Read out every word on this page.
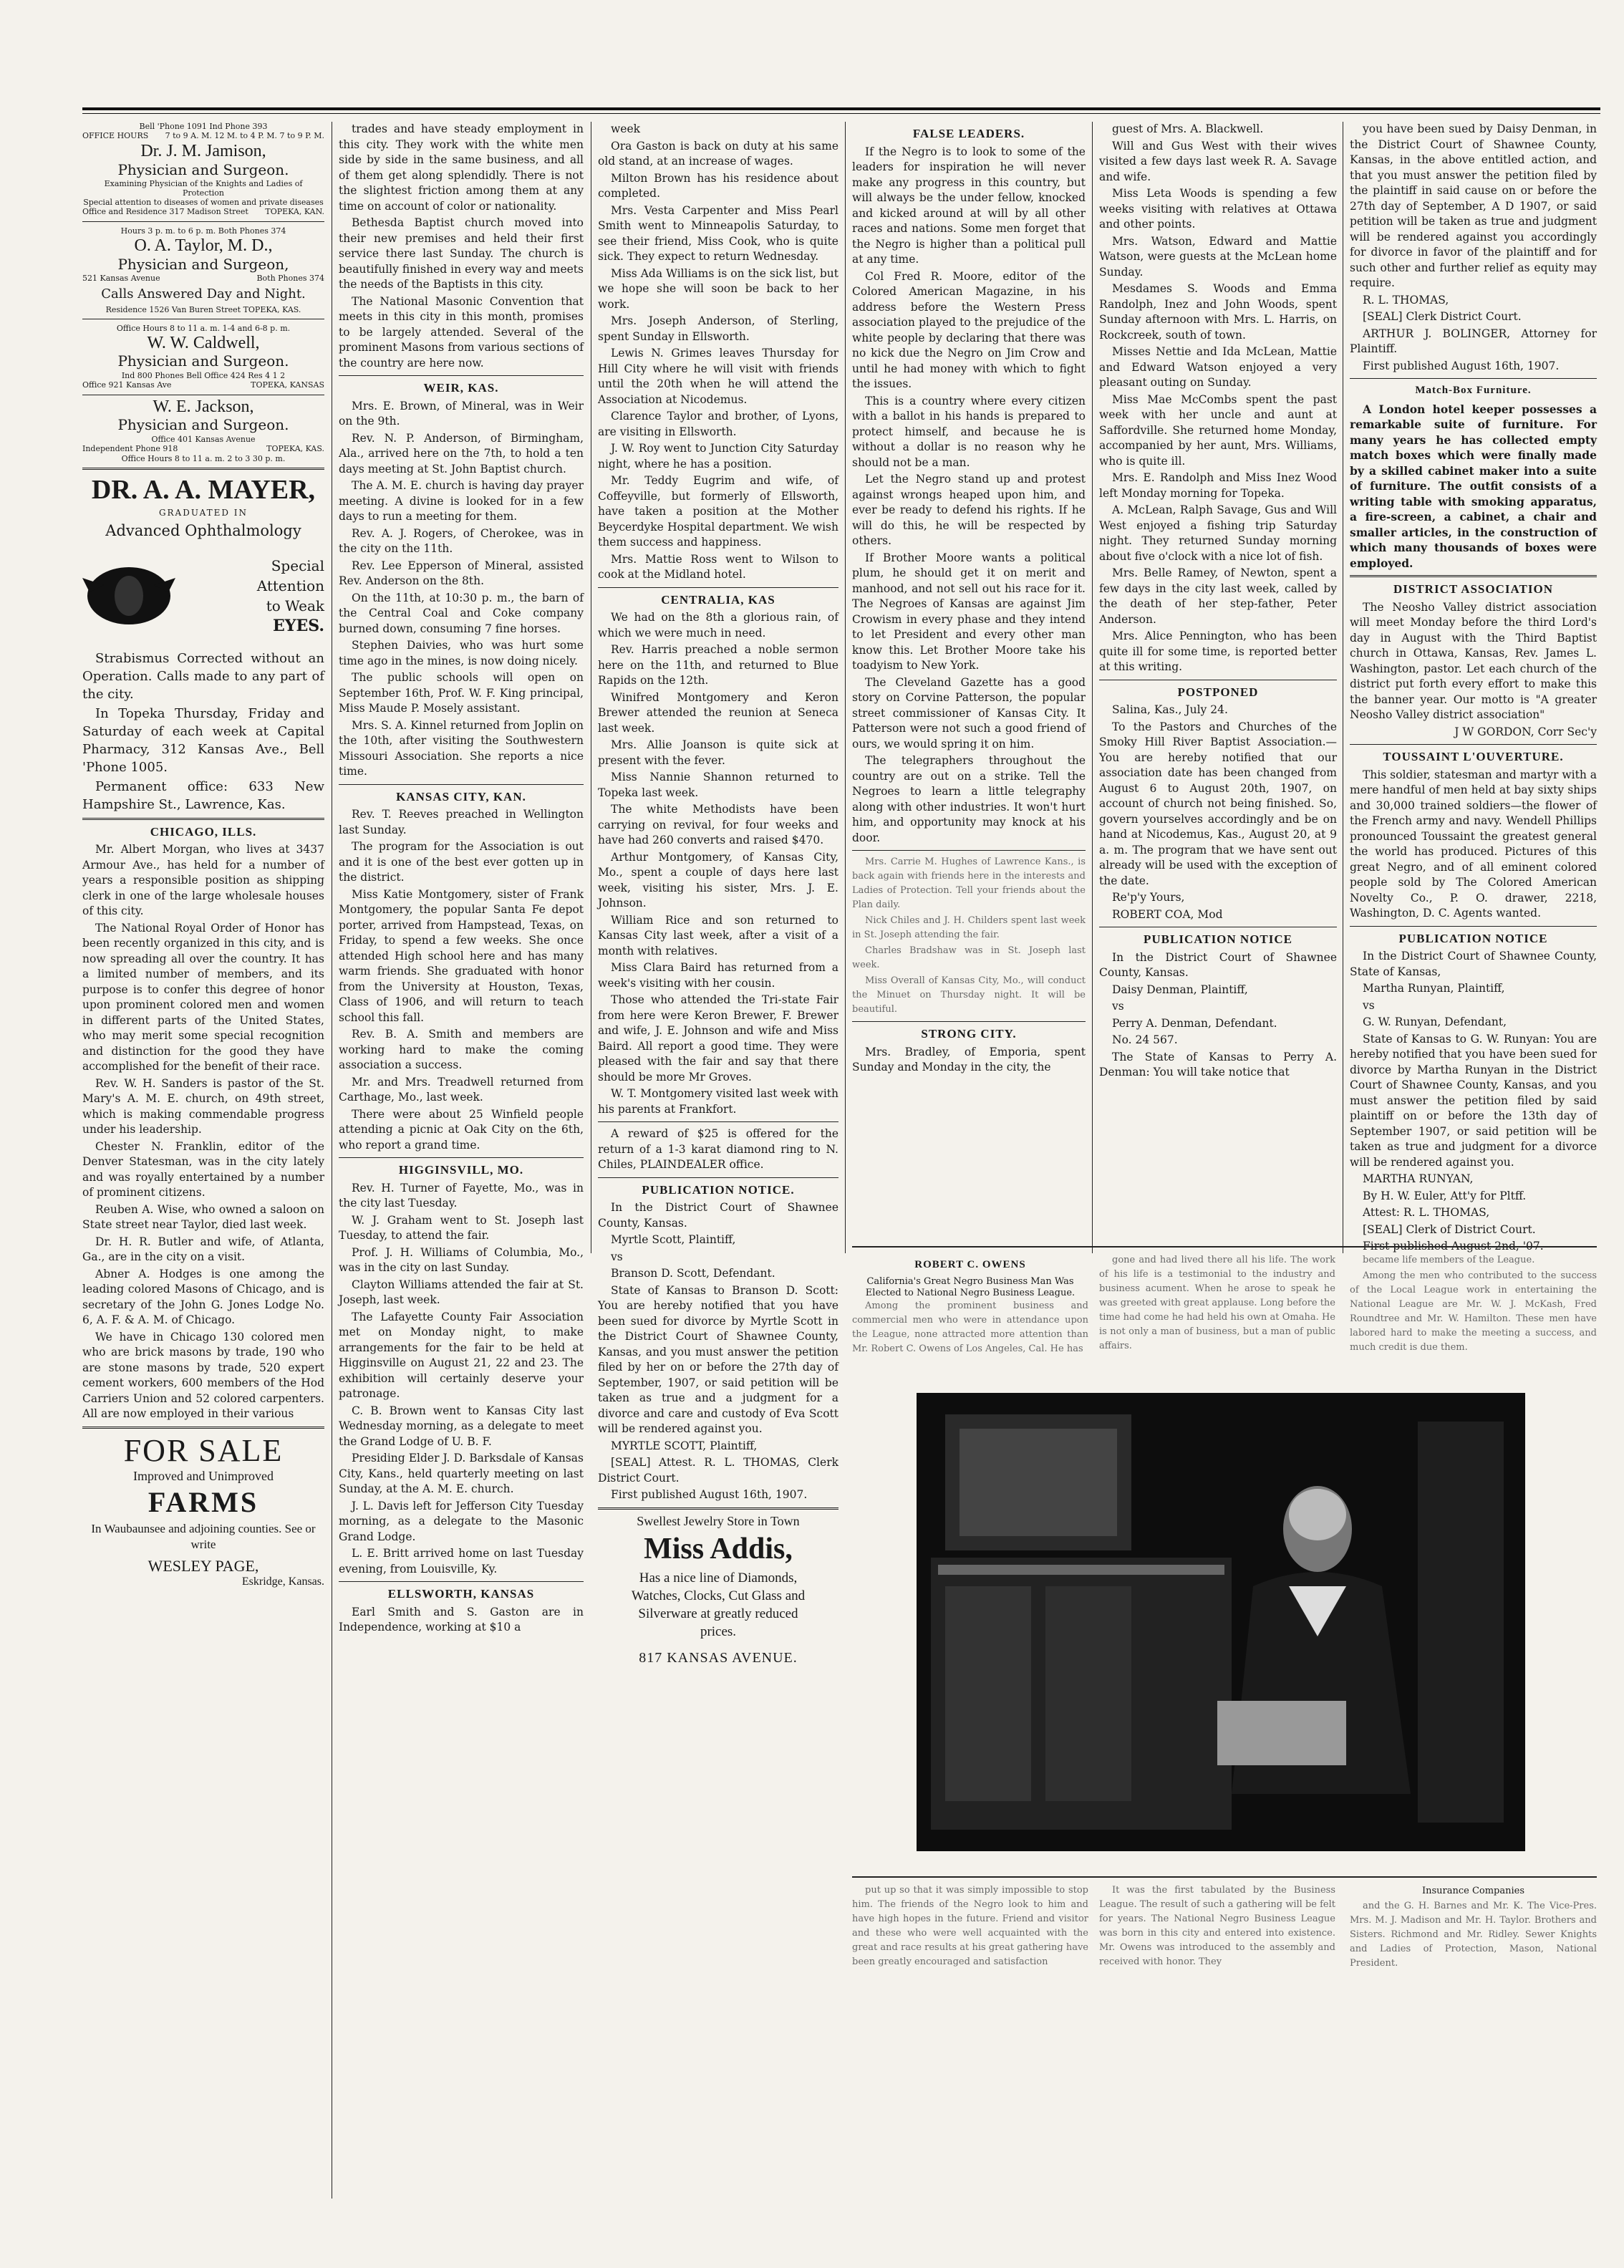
Bell 'Phone 1091 Ind Phone 393
OFFICE HOURS 7 to 9 A. M. 12 M. to 4 P. M. 7 to 9 P. M.
Dr. J. M. Jamison,
Physician and Surgeon.
Examining Physician of the Knights and Ladies of Protection
Special attention to diseases of women and private diseases
Office and Residence 317 Madison Street TOPEKA, KAN.
Hours 3 p. m. to 6 p. m. Both Phones 374
O. A. Taylor, M. D.,
Physician and Surgeon,
521 Kansas Avenue	Both Phones 374
Calls Answered Day and Night.
Residence 1526 Van Buren Street TOPEKA, KAS.
Office Hours 8 to 11 a. m. 1-4 and 6-8 p. m.
W. W. Caldwell,
Physician and Surgeon.
Ind 800 Phones Bell Office 424 Res 4 1 2
Office 921 Kansas Ave	TOPEKA, KANSAS
W. E. Jackson,
Physician and Surgeon.
Office 401 Kansas Avenue
Independent Phone 918	TOPEKA, KAS.
Office Hours 8 to 11 a. m. 2 to 3 30 p. m.
DR. A. A. MAYER,
GRADUATED IN
Advanced Ophthalmology
Special
Attention
to Weak
EYES.

Strabismus Corrected without an Operation. Calls made to any part of the city.

In Topeka Thursday, Friday and Saturday of each week at Capital Pharmacy, 312 Kansas Ave., Bell 'Phone 1005.

Permanent office: 633 New Hampshire St., Lawrence, Kas.

CHICAGO, ILLS.

Mr. Albert Morgan, who lives at 3437 Armour Ave., has held for a number of years a responsible position as shipping clerk in one of the large wholesale houses of this city.

The National Royal Order of Honor has been recently organized in this city, and is now spreading all over the country. It has a limited number of members, and its purpose is to confer this degree of honor upon prominent colored men and women in different parts of the United States, who may merit some special recognition and distinction for the good they have accomplished for the benefit of their race.

Rev. W. H. Sanders is pastor of the St. Mary's A. M. E. church, on 49th street, which is making commendable progress under his leadership.

Chester N. Franklin, editor of the Denver Statesman, was in the city lately and was royally entertained by a number of prominent citizens.

Reuben A. Wise, who owned a saloon on State street near Taylor, died last week.

Dr. H. R. Butler and wife, of Atlanta, Ga., are in the city on a visit.

Abner A. Hodges is one among the leading colored Masons of Chicago, and is secretary of the John G. Jones Lodge No. 6, A. F. & A. M. of Chicago.

We have in Chicago 130 colored men who are brick masons by trade, 190 who are stone masons by trade, 520 expert cement workers, 600 members of the Hod Carriers Union and 52 colored carpenters. All are now employed in their various

FOR SALE
Improved and Unimproved
FARMS
In Waubaunsee and adjoining counties. See or write
WESLEY PAGE,
Eskridge, Kansas.

trades and have steady employment in this city. They work with the white men side by side in the same business, and all of them get along splendidly. There is not the slightest friction among them at any time on account of color or nationality.

Bethesda Baptist church moved into their new premises and held their first service there last Sunday. The church is beautifully finished in every way and meets the needs of the Baptists in this city.

The National Masonic Convention that meets in this city in this month, promises to be largely attended. Several of the prominent Masons from various sections of the country are here now.

WEIR, KAS.

Mrs. E. Brown, of Mineral, was in Weir on the 9th.

Rev. N. P. Anderson, of Birmingham, Ala., arrived here on the 7th, to hold a ten days meeting at St. John Baptist church.

The A. M. E. church is having day prayer meeting. A divine is looked for in a few days to run a meeting for them.

Rev. A. J. Rogers, of Cherokee, was in the city on the 11th.

Rev. Lee Epperson of Mineral, assisted Rev. Anderson on the 8th.

On the 11th, at 10:30 p. m., the barn of the Central Coal and Coke company burned down, consuming 7 fine horses.

Stephen Daivies, who was hurt some time ago in the mines, is now doing nicely.

The public schools will open on September 16th, Prof. W. F. King principal, Miss Maude P. Mosely assistant.

Mrs. S. A. Kinnel returned from Joplin on the 10th, after visiting the Southwestern Missouri Association. She reports a nice time.

KANSAS CITY, KAN.

Rev. T. Reeves preached in Wellington last Sunday.

The program for the Association is out and it is one of the best ever gotten up in the district.

Miss Katie Montgomery, sister of Frank Montgomery, the popular Santa Fe depot porter, arrived from Hampstead, Texas, on Friday, to spend a few weeks. She once attended High school here and has many warm friends. She graduated with honor from the University at Houston, Texas, Class of 1906, and will return to teach school this fall.

Rev. B. A. Smith and members are working hard to make the coming association a success.

Mr. and Mrs. Treadwell returned from Carthage, Mo., last week.

There were about 25 Winfield people attending a picnic at Oak City on the 6th, who report a grand time.

HIGGINSVILL, MO.

Rev. H. Turner of Fayette, Mo., was in the city last Tuesday.

W. J. Graham went to St. Joseph last Tuesday, to attend the fair.

Prof. J. H. Williams of Columbia, Mo., was in the city on last Sunday.

Clayton Williams attended the fair at St. Joseph, last week.

The Lafayette County Fair Association met on Monday night, to make arrangements for the fair to be held at Higginsville on August 21, 22 and 23. The exhibition will certainly deserve your patronage.

C. B. Brown went to Kansas City last Wednesday morning, as a delegate to meet the Grand Lodge of U. B. F.

Presiding Elder J. D. Barksdale of Kansas City, Kans., held quarterly meeting on last Sunday, at the A. M. E. church.

J. L. Davis left for Jefferson City Tuesday morning, as a delegate to the Masonic Grand Lodge.

L. E. Britt arrived home on last Tuesday evening, from Louisville, Ky.

ELLSWORTH, KANSAS

Earl Smith and S. Gaston are in Independence, working at $10 a

week

Ora Gaston is back on duty at his same old stand, at an increase of wages.

Milton Brown has his residence about completed.

Mrs. Vesta Carpenter and Miss Pearl Smith went to Minneapolis Saturday, to see their friend, Miss Cook, who is quite sick. They expect to return Wednesday.

Miss Ada Williams is on the sick list, but we hope she will soon be back to her work.

Mrs. Joseph Anderson, of Sterling, spent Sunday in Ellsworth.

Lewis N. Grimes leaves Thursday for Hill City where he will visit with friends until the 20th when he will attend the Association at Nicodemus.

Clarence Taylor and brother, of Lyons, are visiting in Ellsworth.

J. W. Roy went to Junction City Saturday night, where he has a position.

Mr. Teddy Eugrim and wife, of Coffeyville, but formerly of Ellsworth, have taken a position at the Mother Beycerdyke Hospital department. We wish them success and happiness.

Mrs. Mattie Ross went to Wilson to cook at the Midland hotel.

CENTRALIA, KAS

We had on the 8th a glorious rain, of which we were much in need.

Rev. Harris preached a noble sermon here on the 11th, and returned to Blue Rapids on the 12th.

Winifred Montgomery and Keron Brewer attended the reunion at Seneca last week.

Mrs. Allie Joanson is quite sick at present with the fever.

Miss Nannie Shannon returned to Topeka last week.

The white Methodists have been carrying on revival, for four weeks and have had 260 converts and raised $470.

Arthur Montgomery, of Kansas City, Mo., spent a couple of days here last week, visiting his sister, Mrs. J. E. Johnson.

William Rice and son returned to Kansas City last week, after a visit of a month with relatives.

Miss Clara Baird has returned from a week's visiting with her cousin.

Those who attended the Tri-state Fair from here were Keron Brewer, F. Brewer and wife, J. E. Johnson and wife and Miss Baird. All report a good time. They were pleased with the fair and say that there should be more Mr Groves.

W. T. Montgomery visited last week with his parents at Frankfort.

A reward of $25 is offered for the return of a 1-3 karat diamond ring to N. Chiles, PLAINDEALER office.

PUBLICATION NOTICE.

In the District Court of Shawnee County, Kansas.

Myrtle Scott, Plaintiff,

vs

Branson D. Scott, Defendant.

State of Kansas to Branson D. Scott: You are hereby notified that you have been sued for divorce by Myrtle Scott in the District Court of Shawnee County, Kansas, and you must answer the petition filed by her on or before the 27th day of September, 1907, or said petition will be taken as true and a judgment for a divorce and care and custody of Eva Scott will be rendered against you.

MYRTLE SCOTT, Plaintiff,

[SEAL] Attest. R. L. THOMAS, Clerk District Court.

First published August 16th, 1907.

Swellest Jewelry Store in Town
Miss Addis,
Has a nice line of Diamonds, Watches, Clocks, Cut Glass and Silverware at greatly reduced prices.
817 KANSAS AVENUE.
FALSE LEADERS.

If the Negro is to look to some of the leaders for inspiration he will never make any progress in this country, but will always be the under fellow, knocked and kicked around at will by all other races and nations. Some men forget that the Negro is higher than a political pull at any time.

Col Fred R. Moore, editor of the Colored American Magazine, in his address before the Western Press association played to the prejudice of the white people by declaring that there was no kick due the Negro on Jim Crow and until he had money with which to fight the issues.

This is a country where every citizen with a ballot in his hands is prepared to protect himself, and because he is without a dollar is no reason why he should not be a man.

Let the Negro stand up and protest against wrongs heaped upon him, and ever be ready to defend his rights. If he will do this, he will be respected by others.

If Brother Moore wants a political plum, he should get it on merit and manhood, and not sell out his race for it. The Negroes of Kansas are against Jim Crowism in every phase and they intend to let President and every other man know this. Let Brother Moore take his toadyism to New York.

The Cleveland Gazette has a good story on Corvine Patterson, the popular street commissioner of Kansas City. It Patterson were not such a good friend of ours, we would spring it on him.

The telegraphers throughout the country are out on a strike. Tell the Negroes to learn a little telegraphy along with other industries. It won't hurt him, and opportunity may knock at his door.

Mrs. Carrie M. Hughes of Lawrence Kans., is back again with friends here in the interests and Ladies of Protection. Tell your friends about the Plan daily.

Nick Chiles and J. H. Childers spent last week in St. Joseph attending the fair.

Charles Bradshaw was in St. Joseph last week.

Miss Overall of Kansas City, Mo., will conduct the Minuet on Thursday night. It will be beautiful.

STRONG CITY.

Mrs. Bradley, of Emporia, spent Sunday and Monday in the city, the

guest of Mrs. A. Blackwell.

Will and Gus West with their wives visited a few days last week R. A. Savage and wife.

Miss Leta Woods is spending a few weeks visiting with relatives at Ottawa and other points.

Mrs. Watson, Edward and Mattie Watson, were guests at the McLean home Sunday.

Mesdames S. Woods and Emma Randolph, Inez and John Woods, spent Sunday afternoon with Mrs. L. Harris, on Rockcreek, south of town.

Misses Nettie and Ida McLean, Mattie and Edward Watson enjoyed a very pleasant outing on Sunday.

Miss Mae McCombs spent the past week with her uncle and aunt at Saffordville. She returned home Monday, accompanied by her aunt, Mrs. Williams, who is quite ill.

Mrs. E. Randolph and Miss Inez Wood left Monday morning for Topeka.

A. McLean, Ralph Savage, Gus and Will West enjoyed a fishing trip Saturday night. They returned Sunday morning about five o'clock with a nice lot of fish.

Mrs. Belle Ramey, of Newton, spent a few days in the city last week, called by the death of her step-father, Peter Anderson.

Mrs. Alice Pennington, who has been quite ill for some time, is reported better at this writing.

POSTPONED

Salina, Kas., July 24.

To the Pastors and Churches of the Smoky Hill River Baptist Association.—You are hereby notified that our association date has been changed from August 6 to August 20th, 1907, on account of church not being finished. So, govern yourselves accordingly and be on hand at Nicodemus, Kas., August 20, at 9 a. m. The program that we have sent out already will be used with the exception of the date.

Re'p'y Yours,

ROBERT COA, Mod

PUBLICATION NOTICE

In the District Court of Shawnee County, Kansas.

Daisy Denman, Plaintiff,

vs

Perry A. Denman, Defendant.

No. 24 567.

The State of Kansas to Perry A. Denman: You will take notice that

you have been sued by Daisy Denman, in the District Court of Shawnee County, Kansas, in the above entitled action, and that you must answer the petition filed by the plaintiff in said cause on or before the 27th day of September, A D 1907, or said petition will be taken as true and judgment will be rendered against you accordingly for divorce in favor of the plaintiff and for such other and further relief as equity may require.

R. L. THOMAS,

[SEAL] Clerk District Court.

ARTHUR J. BOLINGER, Attorney for Plaintiff.

First published August 16th, 1907.

Match-Box Furniture.

A London hotel keeper possesses a remarkable suite of furniture. For many years he has collected empty match boxes which were finally made by a skilled cabinet maker into a suite of furniture. The outfit consists of a writing table with smoking apparatus, a fire-screen, a cabinet, a chair and smaller articles, in the construction of which many thousands of boxes were employed.

DISTRICT ASSOCIATION

The Neosho Valley district association will meet Monday before the third Lord's day in August with the Third Baptist church in Ottawa, Kansas, Rev. James L. Washington, pastor. Let each church of the district put forth every effort to make this the banner year. Our motto is "A greater Neosho Valley district association"

J W GORDON, Corr Sec'y

TOUSSAINT L'OUVERTURE.

This soldier, statesman and martyr with a mere handful of men held at bay sixty ships and 30,000 trained soldiers—the flower of the French army and navy. Wendell Phillips pronounced Toussaint the greatest general the world has produced. Pictures of this great Negro, and of all eminent colored people sold by The Colored American Novelty Co., P. O. drawer, 2218, Washington, D. C. Agents wanted.

PUBLICATION NOTICE

In the District Court of Shawnee County, State of Kansas,

Martha Runyan, Plaintiff,

vs

G. W. Runyan, Defendant,

State of Kansas to G. W. Runyan: You are hereby notified that you have been sued for divorce by Martha Runyan in the District Court of Shawnee County, Kansas, and you must answer the petition filed by said plaintiff on or before the 13th day of September 1907, or said petition will be taken as true and judgment for a divorce will be rendered against you.

MARTHA RUNYAN,

By H. W. Euler, Att'y for Pltff.

Attest: R. L. THOMAS,

[SEAL] Clerk of District Court.

First published August 2nd, '07.

ROBERT C. OWENS
California's Great Negro Business Man Was Elected to National Negro Business League.

Among the prominent business and commercial men who were in attendance upon the League, none attracted more attention than Mr. Robert C. Owens of Los Angeles, Cal. He has

gone and had lived there all his life. The work of his life is a testimonial to the industry and business acument. When he arose to speak he was greeted with great applause. Long before the time had come he had held his own at Omaha. He is not only a man of business, but a man of public affairs.

became life members of the League.

Among the men who contributed to the success of the Local League work in entertaining the National League are Mr. W. J. McKash, Fred Roundtree and Mr. W. Hamilton. These men have labored hard to make the meeting a success, and much credit is due them.

put up so that it was simply impossible to stop him. The friends of the Negro look to him and have high hopes in the future. Friend and visitor and these who were well acquainted with the great and race results at his great gathering have been greatly encouraged and satisfaction

It was the first tabulated by the Business League. The result of such a gathering will be felt for years. The National Negro Business League was born in this city and entered into existence. Mr. Owens was introduced to the assembly and received with honor. They

Insurance Companies

and the G. H. Barnes and Mr. K. The Vice-Pres. Mrs. M. J. Madison and Mr. H. Taylor. Brothers and Sisters. Richmond and Mr. Ridley. Sewer Knights and Ladies of Protection, Mason, National President.
